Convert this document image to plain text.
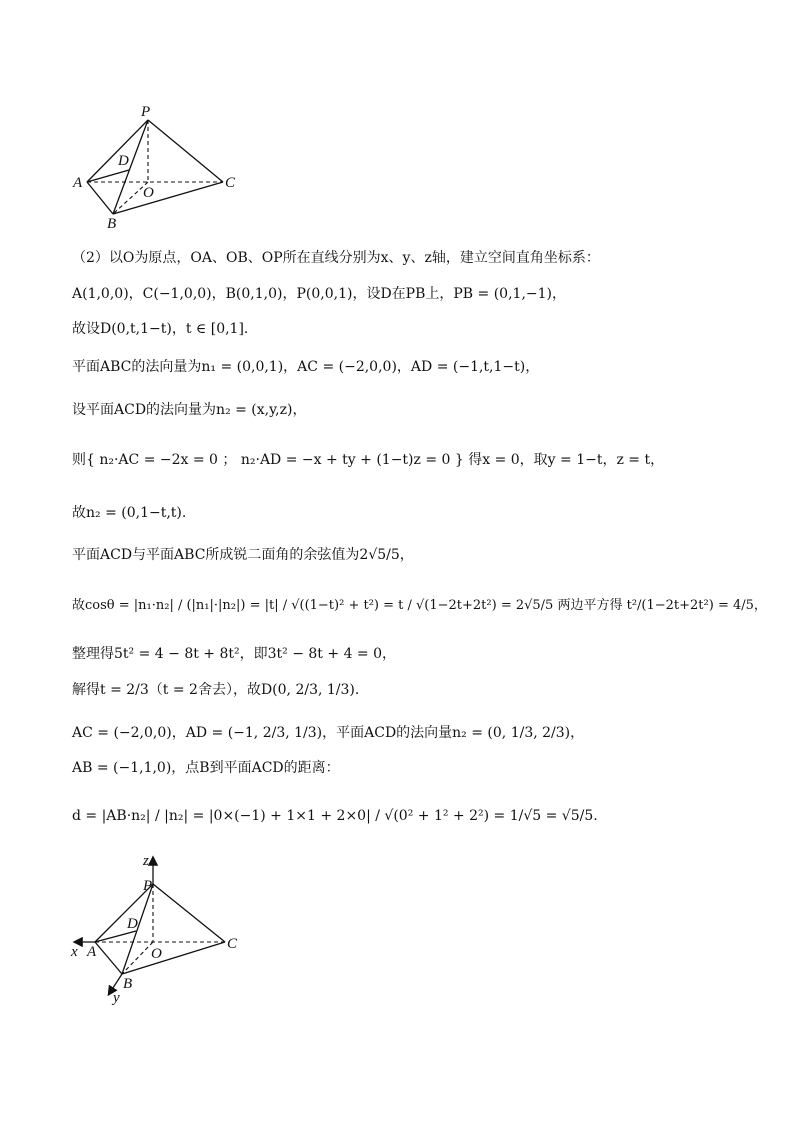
P
D
A
O
C
B
（2）以O为原点，OA、OB、OP所在直线分别为x、y、z轴，建立空间直角坐标系：
A(1,0,0)，C(−1,0,0)，B(0,1,0)，P(0,0,1)，设D在PB上，PB = (0,1,−1)，
故设D(0,t,1−t)，t ∈ [0,1].
平面ABC的法向量为n₁ = (0,0,1)，AC = (−2,0,0)，AD = (−1,t,1−t)，
设平面ACD的法向量为n₂ = (x,y,z)，
则{ n₂·AC = −2x = 0 ； n₂·AD = −x + ty + (1−t)z = 0 } 得x = 0，取y = 1−t，z = t，
故n₂ = (0,1−t,t).
平面ACD与平面ABC所成锐二面角的余弦值为2√5/5，
故cosθ = |n₁·n₂| / (|n₁|·|n₂|) = |t| / √((1−t)² + t²) = t / √(1−2t+2t²) = 2√5/5 两边平方得 t²/(1−2t+2t²) = 4/5，
整理得5t² = 4 − 8t + 8t²，即3t² − 8t + 4 = 0，
解得t = 2/3（t = 2舍去），故D(0, 2/3, 1/3).
AC = (−2,0,0)，AD = (−1, 2/3, 1/3)，平面ACD的法向量n₂ = (0, 1/3, 2/3)，
AB = (−1,1,0)，点B到平面ACD的距离：
d = |AB·n₂| / |n₂| = |0×(−1) + 1×1 + 2×0| / √(0² + 1² + 2²) = 1/√5 = √5/5.
z
P
D
x A	O
C
B
y
